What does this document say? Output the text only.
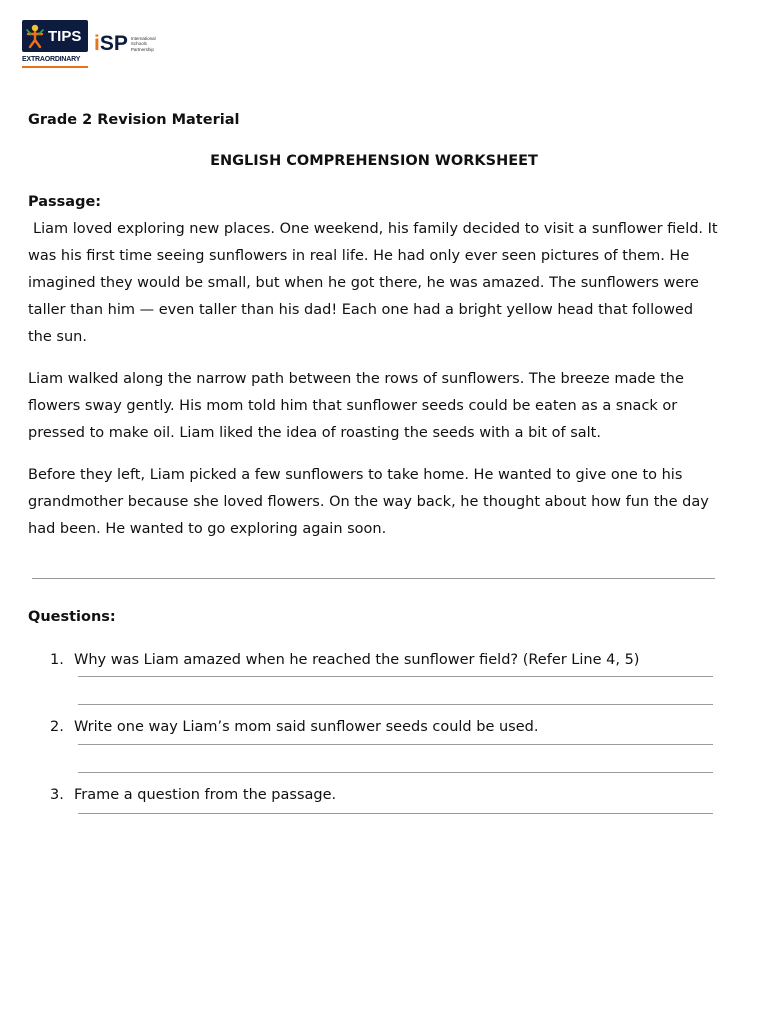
TIPS
EXTRAORDINARY
iSP International Schools Partnership
Grade 2 Revision Material
ENGLISH COMPREHENSION WORKSHEET
Passage:

Liam loved exploring new places. One weekend, his family decided to visit a sunflower field. It was his first time seeing sunflowers in real life. He had only ever seen pictures of them. He imagined they would be small, but when he got there, he was amazed. The sunflowers were taller than him — even taller than his dad! Each one had a bright yellow head that followed the sun.

Liam walked along the narrow path between the rows of sunflowers. The breeze made the flowers sway gently. His mom told him that sunflower seeds could be eaten as a snack or pressed to make oil. Liam liked the idea of roasting the seeds with a bit of salt.

Before they left, Liam picked a few sunflowers to take home. He wanted to give one to his grandmother because she loved flowers. On the way back, he thought about how fun the day had been. He wanted to go exploring again soon.

Questions:
1. Why was Liam amazed when he reached the sunflower field? (Refer Line 4, 5)
2. Write one way Liam’s mom said sunflower seeds could be used.
3. Frame a question from the passage.
